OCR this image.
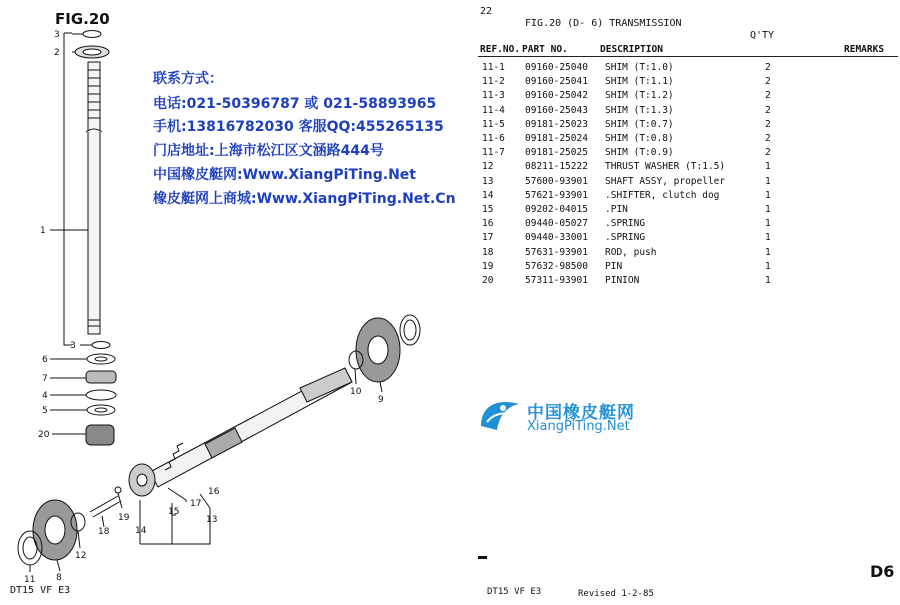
3
2
1
3
6
7
4
5
20
10
9
16
17
13
15
14
19
18
12
11 8
FIG.20
联系方式：
电话:021-50396787 或 021-58893965
手机:13816782030 客服QQ:455265135
门店地址:上海市松江区文涵路444号
中国橡皮艇网:Www.XiangPiTing.Net
橡皮艇网上商城:Www.XiangPiTing.Net.Cn
DT15 VF E3
22
FIG.20 (D- 6) TRANSMISSION
Q'TY
REF.NO. PART NO.	DESCRIPTION	REMARKS
11-1 09160-25040 SHIM (T:1.0)	2
11-2 09160-25041 SHIM (T:1.1)	2
11-3 09160-25042 SHIM (T:1.2)	2
11-4 09160-25043 SHIM (T:1.3)	2
11-5 09181-25023 SHIM (T:0.7)	2
11-6 09181-25024 SHIM (T:0.8)	2
11-7 09181-25025 SHIM (T:0.9)	2
12	08211-15222 THRUST WASHER (T:1.5)	1
13	57600-93901 SHAFT ASSY, propeller	1
14	57621-93901 .SHIFTER, clutch dog	1
15	09202-04015 .PIN	1
16	09440-05027 .SPRING	1
17	09440-33001 .SPRING	1
18	57631-93901 ROD, push	1
19	57632-98500 PIN	1
20	57311-93901 PINION	1
中国橡皮艇网
XiangPiTing.Net
D6
DT15 VF E3	Revised 1-2-85
